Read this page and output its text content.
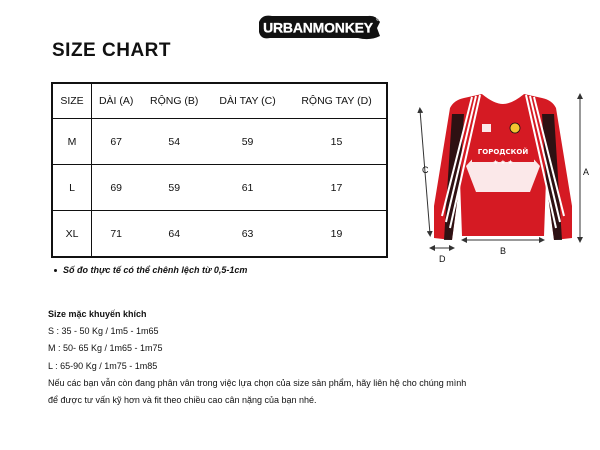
URBANMONKEY
®
SIZE CHART
SIZE	DÀI (A)	RỘNG (B)	DÀI TAY (C)	RỘNG TAY (D)
M	67	54	59	15
L	69	59	61	17
XL	71	64	63	19
Số đo thực tế có thể chênh lệch từ 0,5-1cm
Size mặc khuyến khích
S : 35 - 50 Kg / 1m5 - 1m65
M : 50- 65 Kg / 1m65 - 1m75
L : 65-90 Kg / 1m75 - 1m85
Nếu các bạn vẫn còn đang phân vân trong việc lựa chọn của size sản phẩm, hãy liên hệ cho chúng mình
để được tư vấn kỹ hơn và fit theo chiều cao cân nặng của bạn nhé.
ГОРОДСКОЙ
★ ★ ★
A
B
C
D
